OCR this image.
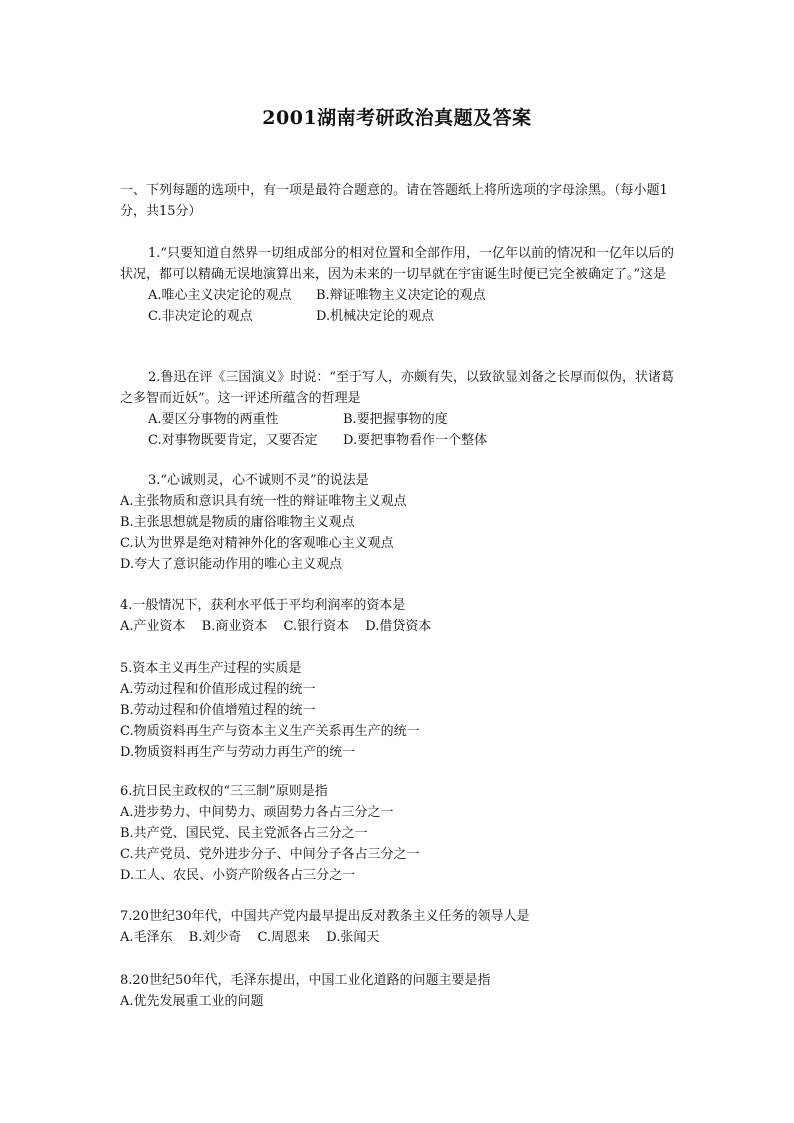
2001湖南考研政治真题及答案

一、下列每题的选项中，有一项是最符合题意的。请在答题纸上将所选项的字母涂黑。（每小题1分，共15分）

1.“只要知道自然界一切组成部分的相对位置和全部作用，一亿年以前的情况和一亿年以后的状况，都可以精确无误地演算出来，因为未来的一切早就在宇宙诞生时便已完全被确定了。”这是

A.唯心主义决定论的观点	B.辩证唯物主义决定论的观点
C.非决定论的观点	D.机械决定论的观点

2.鲁迅在评《三国演义》时说：“至于写人，亦颇有失，以致欲显刘备之长厚而似伪，状诸葛之多智而近妖”。这一评述所蕴含的哲理是

A.要区分事物的两重性	B.要把握事物的度
C.对事物既要肯定，又要否定	D.要把事物看作一个整体

3.“心诚则灵，心不诚则不灵”的说法是

A.主张物质和意识具有统一性的辩证唯物主义观点

B.主张思想就是物质的庸俗唯物主义观点

C.认为世界是绝对精神外化的客观唯心主义观点

D.夸大了意识能动作用的唯心主义观点

4.一般情况下，获利水平低于平均利润率的资本是

A.产业资本 B.商业资本 C.银行资本 D.借贷资本

5.资本主义再生产过程的实质是

A.劳动过程和价值形成过程的统一

B.劳动过程和价值增殖过程的统一

C.物质资料再生产与资本主义生产关系再生产的统一

D.物质资料再生产与劳动力再生产的统一

6.抗日民主政权的“三三制”原则是指

A.进步势力、中间势力、顽固势力各占三分之一

B.共产党、国民党、民主党派各占三分之一

C.共产党员、党外进步分子、中间分子各占三分之一

D.工人、农民、小资产阶级各占三分之一

7.20世纪30年代，中国共产党内最早提出反对教条主义任务的领导人是

A.毛泽东 B.刘少奇 C.周恩来 D.张闻天

8.20世纪50年代，毛泽东提出，中国工业化道路的问题主要是指

A.优先发展重工业的问题
